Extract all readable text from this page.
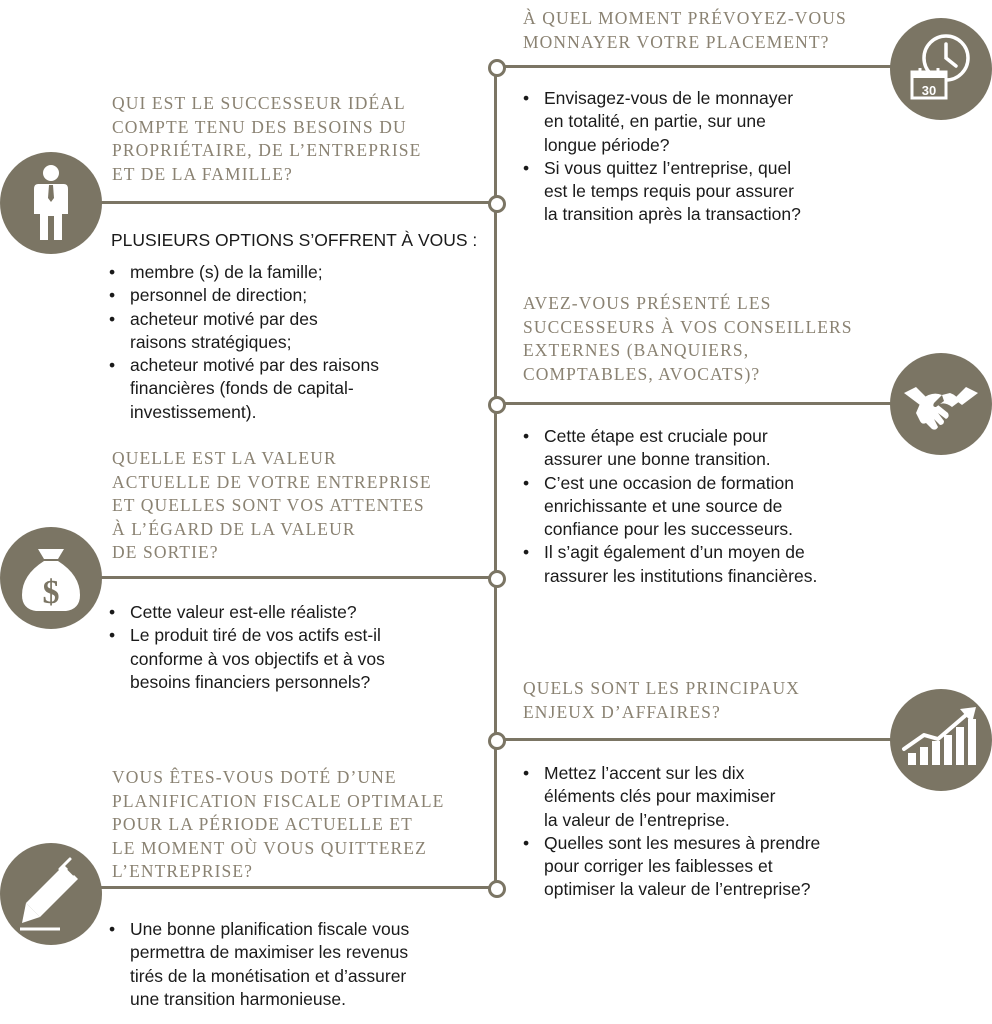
30
À QUEL MOMENT PRÉVOYEZ-VOUS
MONNAYER VOTRE PLACEMENT?
• Envisagez-vous de le monnayer
en totalité, en partie, sur une
longue période?
• Si vous quittez l’entreprise, quel
est le temps requis pour assurer
la transition après la transaction?
QUI EST LE SUCCESSEUR IDÉAL
COMPTE TENU DES BESOINS DU
PROPRIÉTAIRE, DE L’ENTREPRISE
ET DE LA FAMILLE?
PLUSIEURS OPTIONS S’OFFRENT À VOUS :
• membre (s) de la famille;
• personnel de direction;
• acheteur motivé par des
raisons stratégiques;
• acheteur motivé par des raisons
financières (fonds de capital-
investissement).
AVEZ-VOUS PRÉSENTÉ LES
SUCCESSEURS À VOS CONSEILLERS
EXTERNES (BANQUIERS,
COMPTABLES, AVOCATS)?
• Cette étape est cruciale pour
assurer une bonne transition.
• C’est une occasion de formation
enrichissante et une source de
confiance pour les successeurs.
• Il s’agit également d’un moyen de
rassurer les institutions financières.
$
QUELLE EST LA VALEUR
ACTUELLE DE VOTRE ENTREPRISE
ET QUELLES SONT VOS ATTENTES
À L’ÉGARD DE LA VALEUR
DE SORTIE?
• Cette valeur est-elle réaliste?
• Le produit tiré de vos actifs est-il
conforme à vos objectifs et à vos
besoins financiers personnels?	QUELS SONT LES PRINCIPAUX
ENJEUX D’AFFAIRES?
• Mettez l’accent sur les dix
éléments clés pour maximiser
la valeur de l’entreprise.
• Quelles sont les mesures à prendre
pour corriger les faiblesses et
optimiser la valeur de l’entreprise?
VOUS ÊTES-VOUS DOTÉ D’UNE
PLANIFICATION FISCALE OPTIMALE
POUR LA PÉRIODE ACTUELLE ET
LE MOMENT OÙ VOUS QUITTEREZ
L’ENTREPRISE?
• Une bonne planification fiscale vous
permettra de maximiser les revenus
tirés de la monétisation et d’assurer
une transition harmonieuse.
